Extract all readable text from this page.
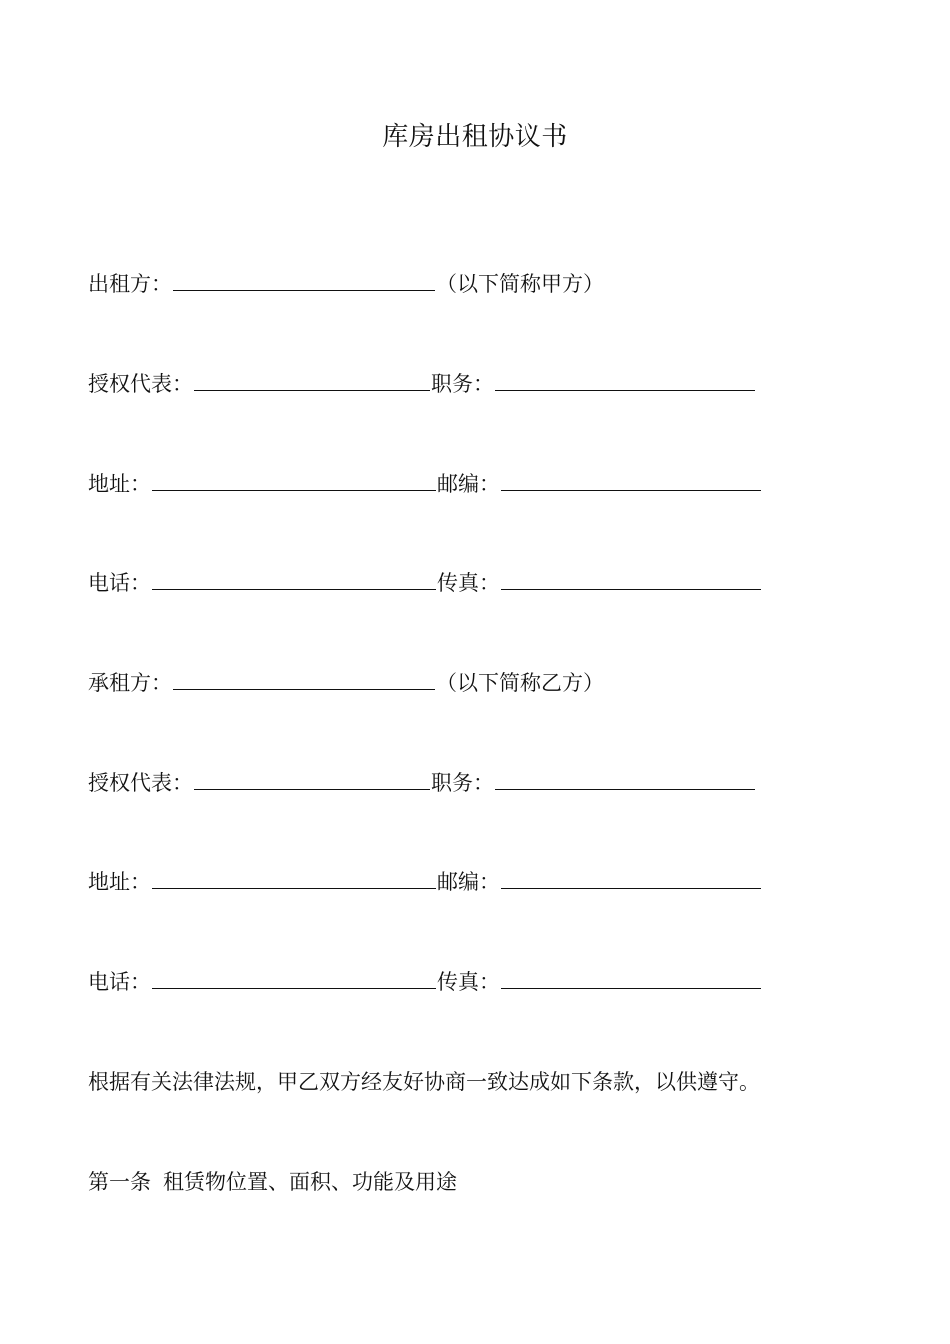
库房出租协议书
出租方：	（以下简称甲方）
授权代表：	职务：
地址：	邮编：
电话：	传真：
承租方：	（以下简称乙方）
授权代表：	职务：
地址：	邮编：
电话：	传真：
根据有关法律法规，甲乙双方经友好协商一致达成如下条款，以供遵守。
第一条 租赁物位置、面积、功能及用途
